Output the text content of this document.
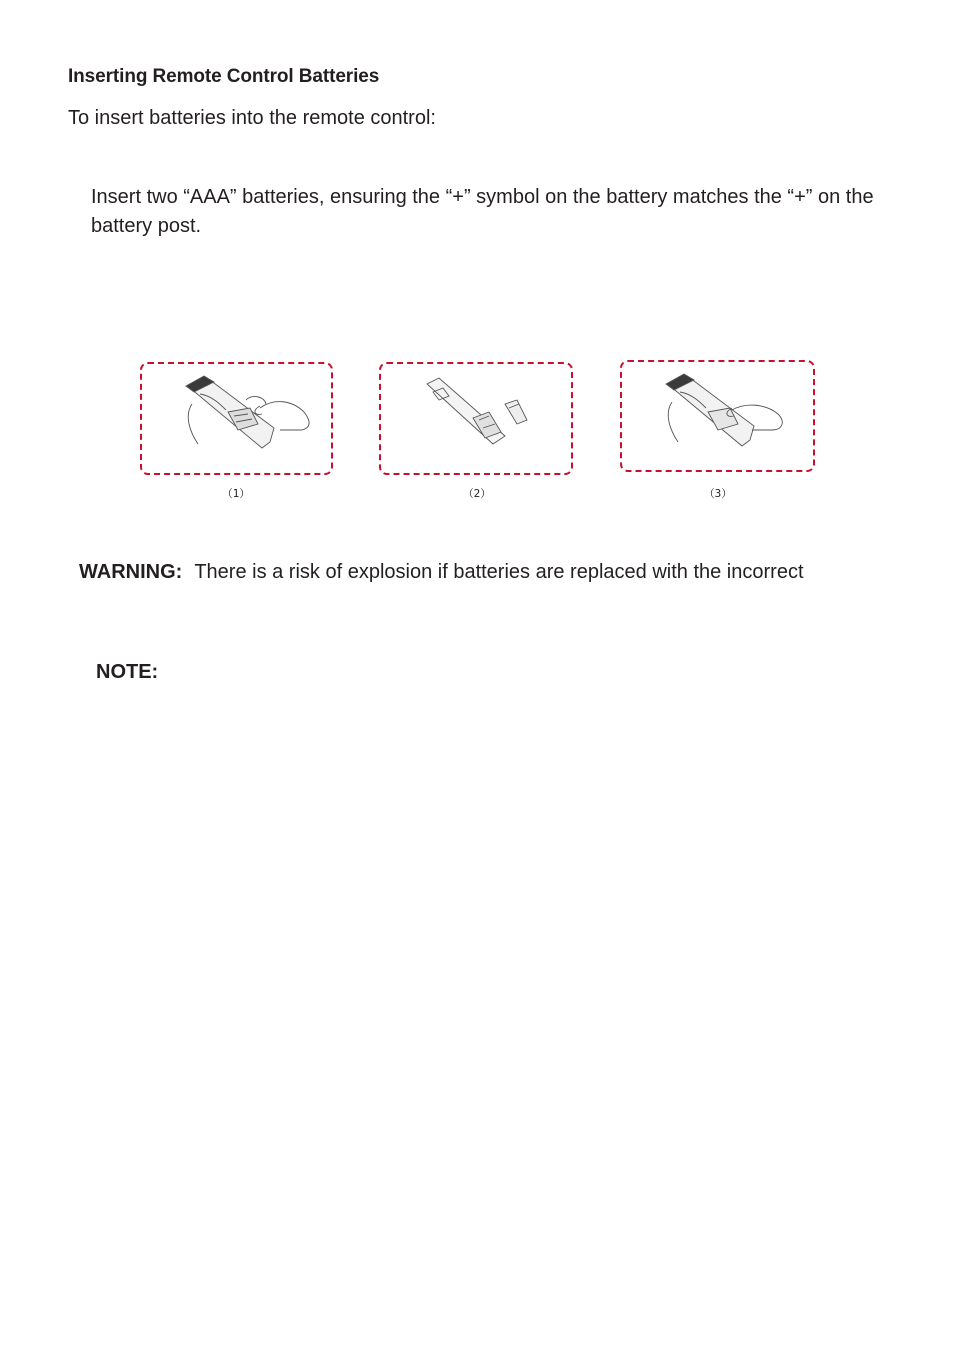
Inserting Remote Control Batteries
To insert batteries into the remote control:
Insert two “AAA” batteries, ensuring the “+” symbol on the battery matches the “+” on the battery post.
（1）	（2）	（3）
WARNING: There is a risk of explosion if batteries are replaced with the incorrect
NOTE:
